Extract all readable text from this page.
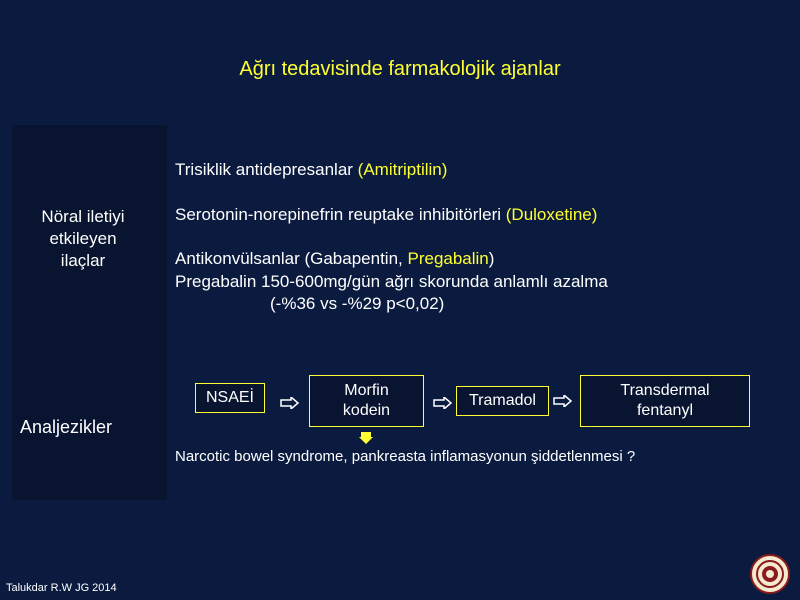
Ağrı tedavisinde farmakolojik ajanlar
Nöral iletiyi
etkileyen
ilaçlar
Analjezikler
Trisiklik antidepresanlar (Amitriptilin)
Serotonin-norepinefrin reuptake inhibitörleri (Duloxetine)
Antikonvülsanlar (Gabapentin, Pregabalin)
Pregabalin 150-600mg/gün ağrı skorunda anlamlı azalma
(-%36 vs -%29 p<0,02)
NSAEİ	Morfin
kodein
Tramadol
Transdermal
fentanyl
Narcotic bowel syndrome, pankreasta inflamasyonun şiddetlenmesi ?
Talukdar R.W JG 2014
